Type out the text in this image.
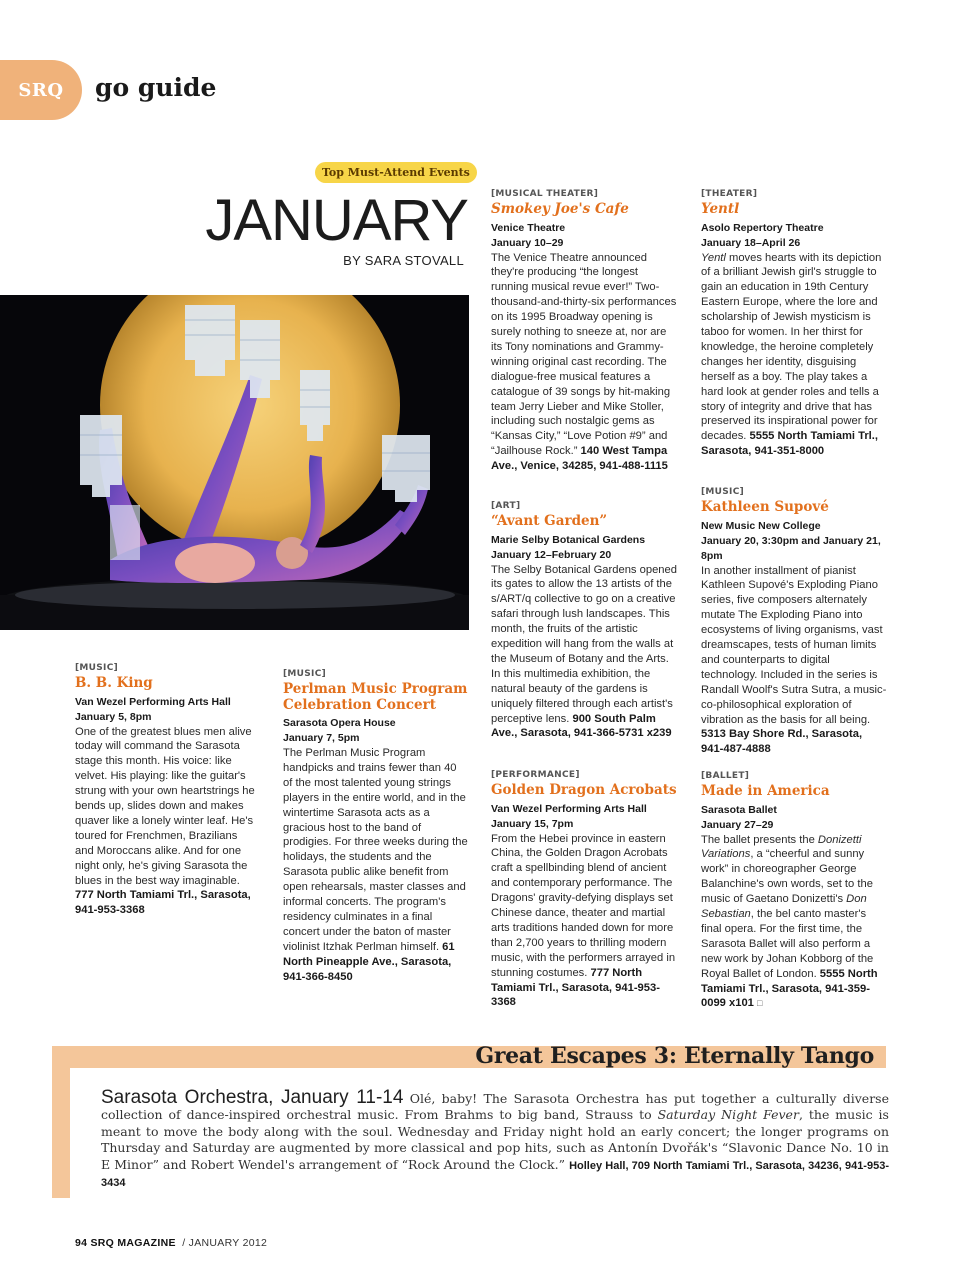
SRQ go guide
Top Must-Attend Events
JANUARY
BY SARA STOVALL
[MUSIC]
B. B. King
Van Wezel Performing Arts Hall
January 5, 8pm

One of the greatest blues men alive today will command the Sarasota stage this month. His voice: like velvet. His playing: like the guitar's strung with your own heartstrings he bends up, slides down and makes quaver like a lonely winter leaf. He's toured for Frenchmen, Brazilians and Moroccans alike. And for one night only, he's giving Sarasota the blues in the best way imaginable. 777 North Tamiami Trl., Sarasota, 941-953-3368

[MUSIC]
Perlman Music Program Celebration Concert
Sarasota Opera House
January 7, 5pm

The Perlman Music Program handpicks and trains fewer than 40 of the most talented young strings players in the entire world, and in the wintertime Sarasota acts as a gracious host to the band of prodigies. For three weeks during the holidays, the students and the Sarasota public alike benefit from open rehearsals, master classes and informal concerts. The program's residency culminates in a final concert under the baton of master violinist Itzhak Perlman himself. 61 North Pineapple Ave., Sarasota, 941-366-8450

[MUSICAL THEATER]
Smokey Joe's Cafe
Venice Theatre
January 10–29

The Venice Theatre announced they're producing “the longest running musical revue ever!” Two-thousand-and-thirty-six performances on its 1995 Broadway opening is surely nothing to sneeze at, nor are its Tony nominations and Grammy-winning original cast recording. The dialogue-free musical features a catalogue of 39 songs by hit-making team Jerry Lieber and Mike Stoller, including such nostalgic gems as “Kansas City,” “Love Potion #9” and “Jailhouse Rock.” 140 West Tampa Ave., Venice, 34285, 941-488-1115

[ART]
“Avant Garden”
Marie Selby Botanical Gardens
January 12–February 20

The Selby Botanical Gardens opened its gates to allow the 13 artists of the s/ART/q collective to go on a creative safari through lush landscapes. This month, the fruits of the artistic expedition will hang from the walls at the Museum of Botany and the Arts. In this multimedia exhibition, the natural beauty of the gardens is uniquely filtered through each artist's perceptive lens. 900 South Palm Ave., Sarasota, 941-366-5731 x239

[PERFORMANCE]
Golden Dragon Acrobats
Van Wezel Performing Arts Hall
January 15, 7pm

From the Hebei province in eastern China, the Golden Dragon Acrobats craft a spellbinding blend of ancient and contemporary performance. The Dragons' gravity-defying displays set Chinese dance, theater and martial arts traditions handed down for more than 2,700 years to thrilling modern music, with the performers arrayed in stunning costumes. 777 North Tamiami Trl., Sarasota, 941-953-3368

[THEATER]
Yentl
Asolo Repertory Theatre
January 18–April 26

Yentl moves hearts with its depiction of a brilliant Jewish girl's struggle to gain an education in 19th Century Eastern Europe, where the lore and scholarship of Jewish mysticism is taboo for women. In her thirst for knowledge, the heroine completely changes her identity, disguising herself as a boy. The play takes a hard look at gender roles and tells a story of integrity and drive that has preserved its inspirational power for decades. 5555 North Tamiami Trl., Sarasota, 941-351-8000

[MUSIC]
Kathleen Supové
New Music New College
January 20, 3:30pm and January 21, 8pm

In another installment of pianist Kathleen Supové's Exploding Piano series, five composers alternately mutate The Exploding Piano into ecosystems of living organisms, vast dreamscapes, tests of human limits and counterparts to digital technology. Included in the series is Randall Woolf's Sutra Sutra, a music-co-philosophical exploration of vibration as the basis for all being. 5313 Bay Shore Rd., Sarasota, 941-487-4888

[BALLET]
Made in America
Sarasota Ballet
January 27–29

The ballet presents the Donizetti Variations, a “cheerful and sunny work” in choreographer George Balanchine's own words, set to the music of Gaetano Donizetti's Don Sebastian, the bel canto master's final opera. For the first time, the Sarasota Ballet will also perform a new work by Johan Kobborg of the Royal Ballet of London. 5555 North Tamiami Trl., Sarasota, 941-359-0099 x101 □

Great Escapes 3: Eternally Tango
Sarasota Orchestra, January 11-14 Olé, baby! The Sarasota Orchestra has put together a culturally diverse collection of dance-inspired orchestral music. From Brahms to big band, Strauss to Saturday Night Fever, the music is meant to move the body along with the soul. Wednesday and Friday night hold an early concert; the longer programs on Thursday and Saturday are augmented by more classical and pop hits, such as Antonín Dvořák's “Slavonic Dance No. 10 in E Minor” and Robert Wendel's arrangement of “Rock Around the Clock.” Holley Hall, 709 North Tamiami Trl., Sarasota, 34236, 941-953-3434
94 SRQ MAGAZINE / JANUARY 2012
